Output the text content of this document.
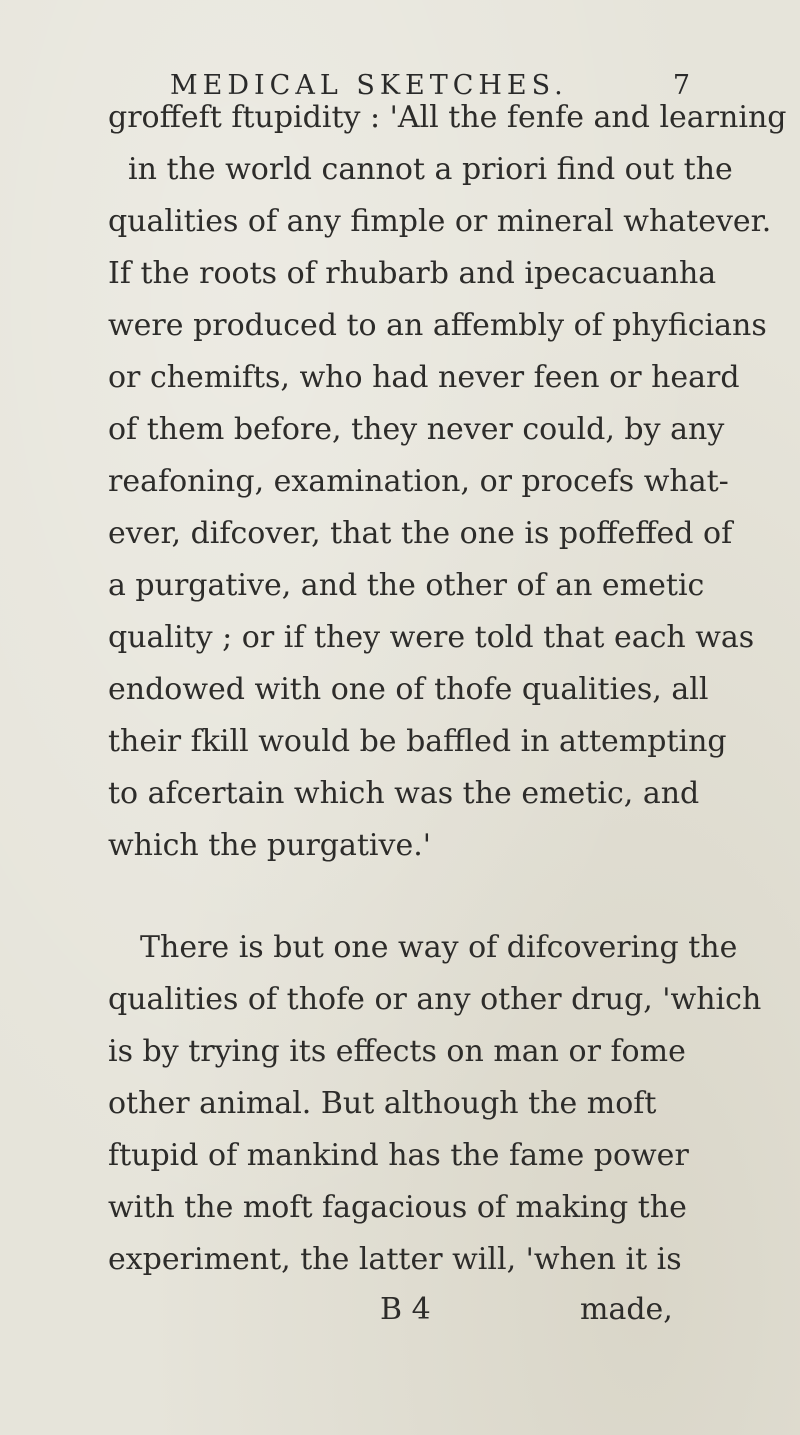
MEDICAL SKETCHES.	7
groffeft ftupidity : 'All the fenfe and learning
in the world cannot a priori find out the
qualities of any fimple or mineral whatever.
If the roots of rhubarb and ipecacuanha
were produced to an affembly of phyficians
or chemifts, who had never feen or heard
of them before, they never could, by any
reafoning, examination, or procefs what-
ever, difcover, that the one is poffeffed of
a purgative, and the other of an emetic
quality ; or if they were told that each was
endowed with one of thofe qualities, all
their fkill would be baffled in attempting
to afcertain which was the emetic, and
which the purgative.'
There is but one way of difcovering the
qualities of thofe or any other drug, 'which
is by trying its effects on man or fome
other animal. But although the moft
ftupid of mankind has the fame power
with the moft fagacious of making the
experiment, the latter will, 'when it is
B 4	made,
